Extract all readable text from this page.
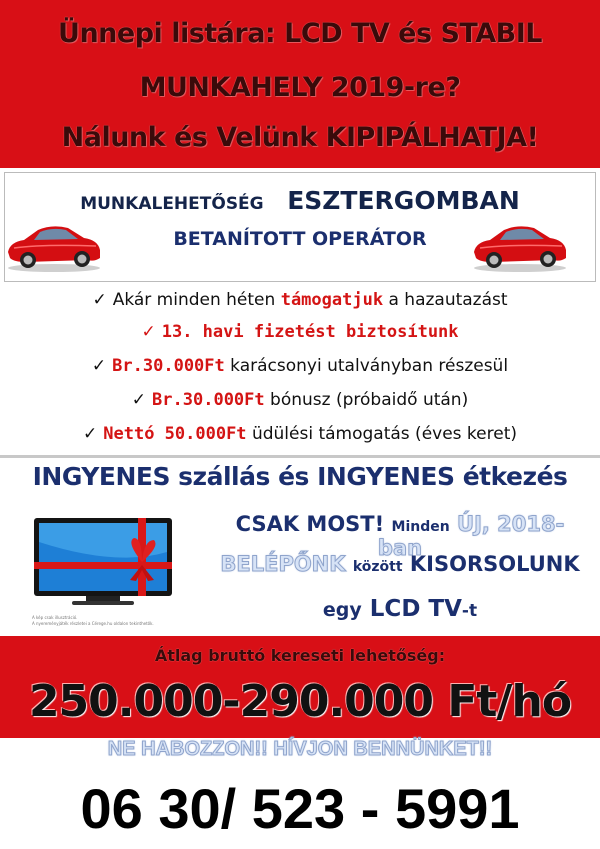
Ünnepi listára: LCD TV és STABIL
MUNKAHELY 2019-re?
Nálunk és Velünk KIPIPÁLHATJA!
MUNKALEHETŐSÉG ESZTERGOMBAN
BETANÍTOTT OPERÁTOR
✓ Akár minden héten támogatjuk a hazautazást
✓ 13. havi fizetést biztosítunk
✓ Br.30.000Ft karácsonyi utalványban részesül
✓ Br.30.000Ft bónusz (próbaidő után)
✓ Nettó 50.000Ft üdülési támogatás (éves keret)
INGYENES szállás és INGYENES étkezés
A kép csak illusztráció.
A nyereményjáték részletei a Cérege.hu oldalon tekinthetők.
CSAK MOST! Minden ÚJ, 2018-ban
BELÉPŐNK között KISORSOLUNK
egy LCD TV-t
Átlag bruttó kereseti lehetőség:
250.000-290.000 Ft/hó
NE HABOZZON!! HÍVJON BENNÜNKET!!
06 30/ 523 - 5991
